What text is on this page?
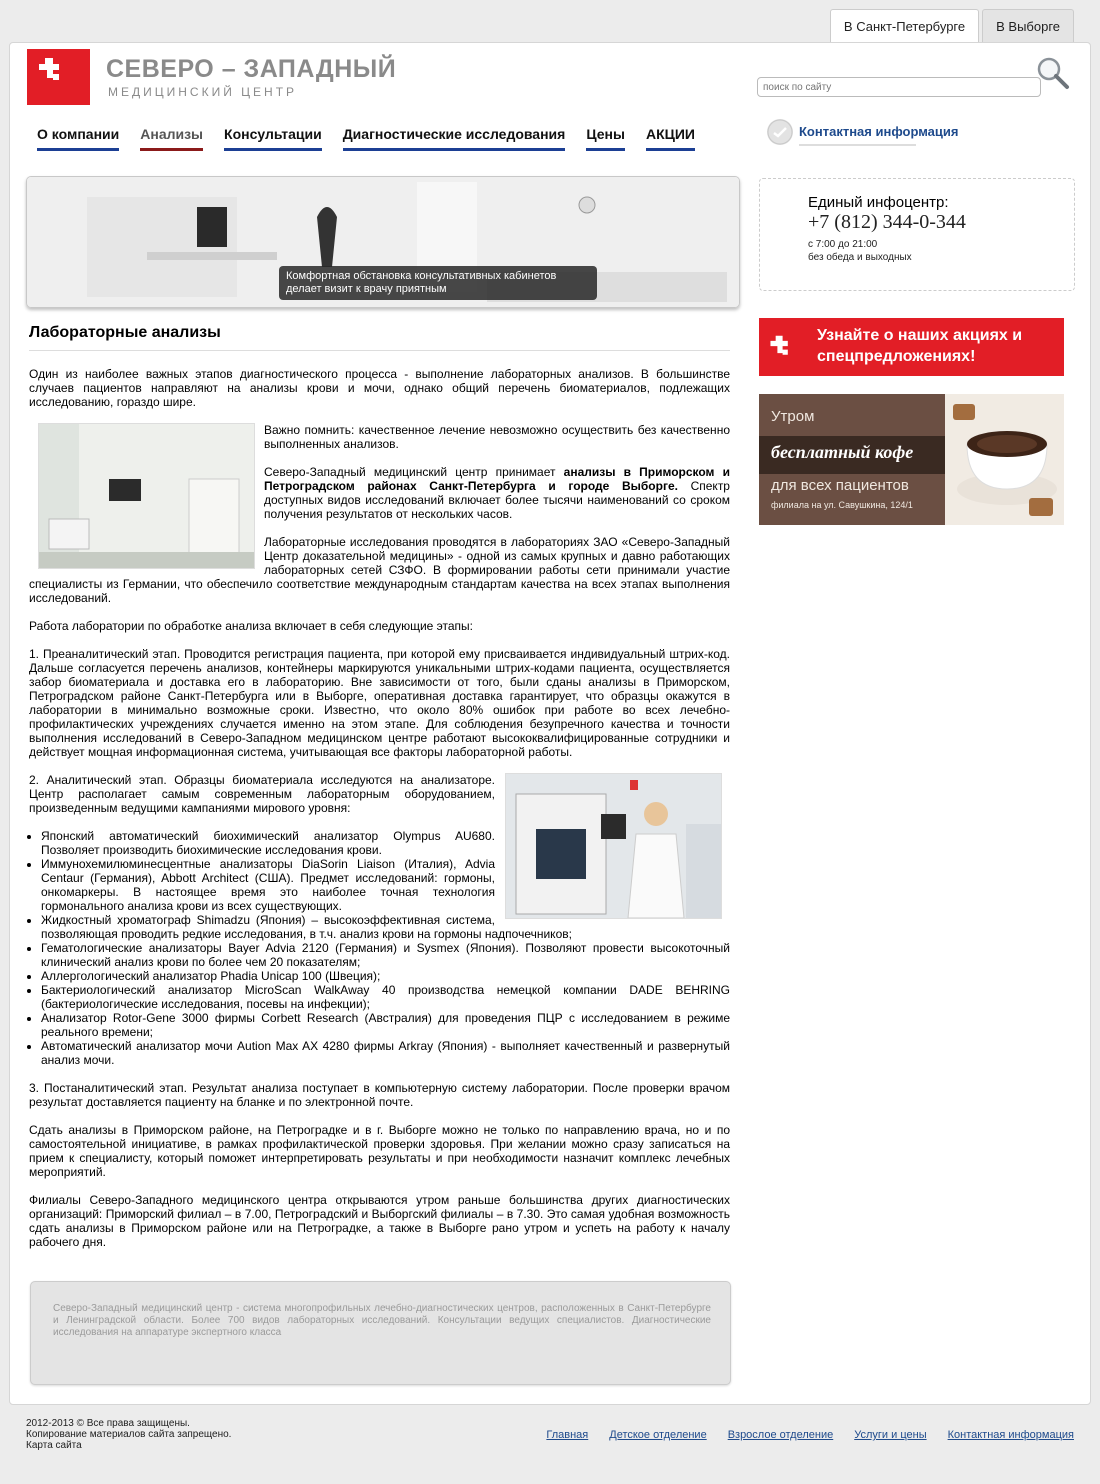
В Санкт-Петербурге	В Выборге
СЕВЕРО – ЗАПАДНЫЙ
МЕДИЦИНСКИЙ ЦЕНТР
поиск по сайту
О компании Анализы Консультации Диагностические исследования Цены АКЦИИ	Контактная информация
Комфортная обстановка консультативных кабинетов делает визит к врачу приятным
Единый инфоцентр:
+7 (812) 344-0-344
с 7:00 до 21:00
без обеда и выходных
Узнайте о наших акциях и спецпредложениях!
Утром
бесплатный кофе
для всех пациентов
филиала на ул. Савушкина, 124/1
Лабораторные анализы

Один из наиболее важных этапов диагностического процесса - выполнение лабораторных анализов. В большинстве случаев пациентов направляют на анализы крови и мочи, однако общий перечень биоматериалов, подлежащих исследованию, гораздо шире.

Важно помнить: качественное лечение невозможно осуществить без качественно выполненных анализов.

Северо-Западный медицинский центр принимает анализы в Приморском и Петроградском районах Санкт-Петербурга и городе Выборге. Спектр доступных видов исследований включает более тысячи наименований со сроком получения результатов от нескольких часов.

Лабораторные исследования проводятся в лабораториях ЗАО «Северо-Западный Центр доказательной медицины» - одной из самых крупных и давно работающих лабораторных сетей СЗФО. В формировании работы сети принимали участие специалисты из Германии, что обеспечило соответствие международным стандартам качества на всех этапах выполнения исследований.

Работа лаборатории по обработке анализа включает в себя следующие этапы:

1. Преаналитический этап. Проводится регистрация пациента, при которой ему присваивается индивидуальный штрих-код. Дальше согласуется перечень анализов, контейнеры маркируются уникальными штрих-кодами пациента, осуществляется забор биоматериала и доставка его в лабораторию. Вне зависимости от того, были сданы анализы в Приморском, Петроградском районе Санкт-Петербурга или в Выборге, оперативная доставка гарантирует, что образцы окажутся в лаборатории в минимально возможные сроки. Известно, что около 80% ошибок при работе во всех лечебно-профилактических учреждениях случается именно на этом этапе. Для соблюдения безупречного качества и точности выполнения исследований в Северо-Западном медицинском центре работают высококвалифицированные сотрудники и действует мощная информационная система, учитывающая все факторы лабораторной работы.

2. Аналитический этап. Образцы биоматериала исследуются на анализаторе. Центр располагает самым современным лабораторным оборудованием, произведенным ведущими кампаниями мирового уровня:

• Японский автоматический биохимический анализатор Olympus AU680. Позволяет производить биохимические исследования крови.
• Иммунохемилюминесцентные анализаторы DiaSorin Liaison (Италия), Advia Centaur (Германия), Abbott Architect (США). Предмет исследований: гормоны, онкомаркеры. В настоящее время это наиболее точная технология гормонального анализа крови из всех существующих.
• Жидкостный хроматограф Shimadzu (Япония) – высокоэффективная система, позволяющая проводить редкие исследования, в т.ч. анализ крови на гормоны надпочечников;
• Гематологические анализаторы Bayer Advia 2120 (Германия) и Sysmex (Япония). Позволяют провести высокоточный клинический анализ крови по более чем 20 показателям;
• Аллергологический анализатор Phadia Unicap 100 (Швеция);
• Бактериологический анализатор MicroScan WalkAway 40 производства немецкой компании DADE BEHRING (бактериологические исследования, посевы на инфекции);
• Анализатор Rotor-Gene 3000 фирмы Corbett Research (Австралия) для проведения ПЦР с исследованием в режиме реального времени;
• Автоматический анализатор мочи Aution Max AX 4280 фирмы Arkray (Япония) - выполняет качественный и развернутый анализ мочи.

3. Постаналитический этап. Результат анализа поступает в компьютерную систему лаборатории. После проверки врачом результат доставляется пациенту на бланке и по электронной почте.

Сдать анализы в Приморском районе, на Петроградке и в г. Выборге можно не только по направлению врача, но и по самостоятельной инициативе, в рамках профилактической проверки здоровья. При желании можно сразу записаться на прием к специалисту, который поможет интерпретировать результаты и при необходимости назначит комплекс лечебных мероприятий.

Филиалы Северо-Западного медицинского центра открываются утром раньше большинства других диагностических организаций: Приморский филиал – в 7.00, Петроградский и Выборгский филиалы – в 7.30. Это самая удобная возможность сдать анализы в Приморском районе или на Петроградке, а также в Выборге рано утром и успеть на работу к началу рабочего дня.

Северо-Западный медицинский центр - система многопрофильных лечебно-диагностических центров, расположенных в Санкт-Петербурге и Ленинградской области. Более 700 видов лабораторных исследований. Консультации ведущих специалистов. Диагностические исследования на аппаратуре экспертного класса

2012-2013 © Все права защищены.
Копирование материалов сайта запрещено.
Карта сайта
Главная Детское отделение Взрослое отделение Услуги и цены Контактная информация
